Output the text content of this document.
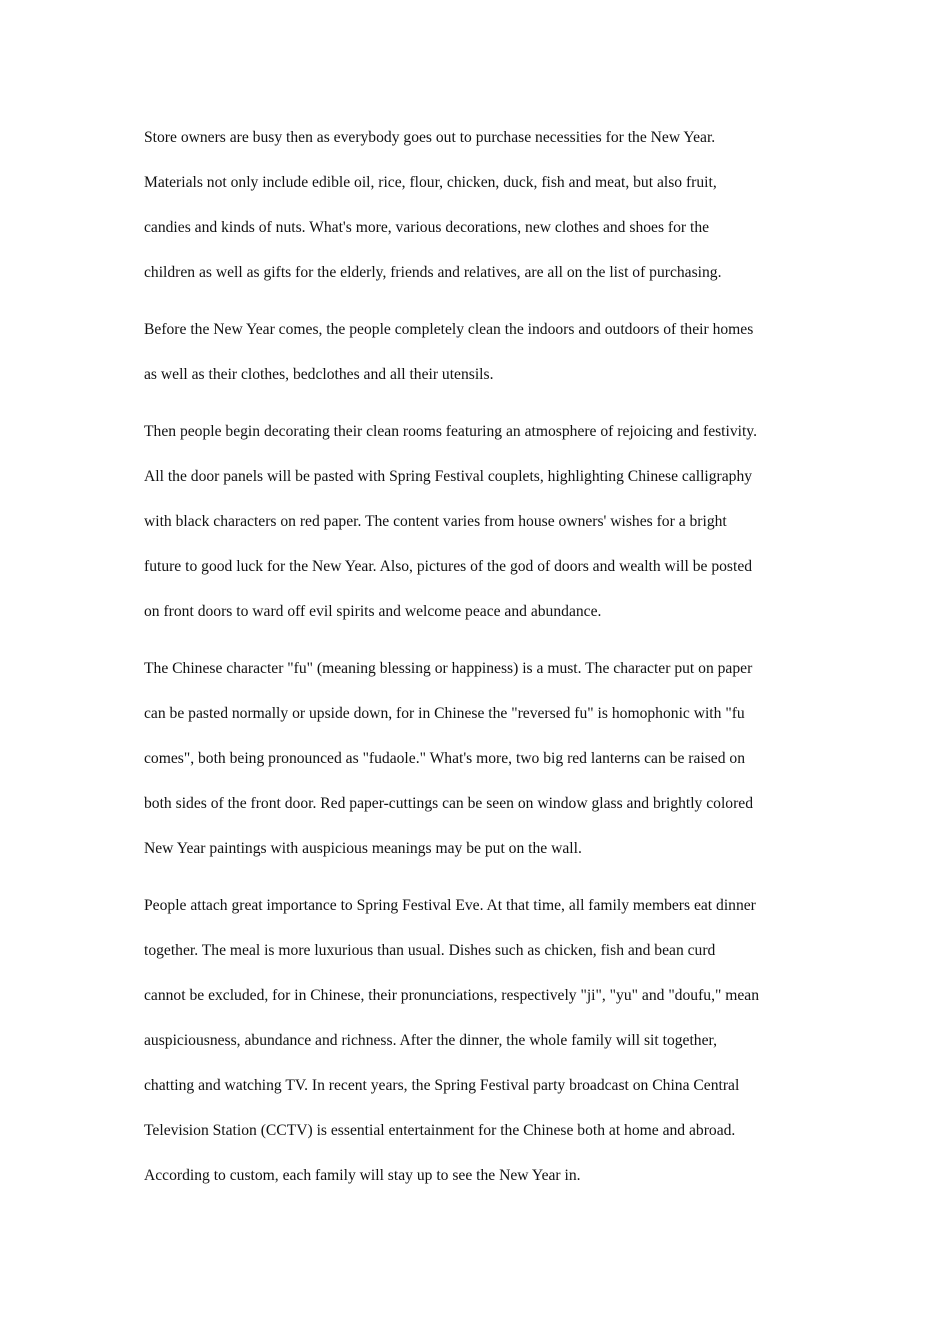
Store owners are busy then as everybody goes out to purchase necessities for the New Year.
Materials not only include edible oil, rice, flour, chicken, duck, fish and meat, but also fruit,
candies and kinds of nuts. What's more, various decorations, new clothes and shoes for the
children as well as gifts for the elderly, friends and relatives, are all on the list of purchasing.

Before the New Year comes, the people completely clean the indoors and outdoors of their homes
as well as their clothes, bedclothes and all their utensils.

Then people begin decorating their clean rooms featuring an atmosphere of rejoicing and festivity.
All the door panels will be pasted with Spring Festival couplets, highlighting Chinese calligraphy
with black characters on red paper. The content varies from house owners' wishes for a bright
future to good luck for the New Year. Also, pictures of the god of doors and wealth will be posted
on front doors to ward off evil spirits and welcome peace and abundance.

The Chinese character "fu" (meaning blessing or happiness) is a must. The character put on paper
can be pasted normally or upside down, for in Chinese the "reversed fu" is homophonic with "fu
comes", both being pronounced as "fudaole." What's more, two big red lanterns can be raised on
both sides of the front door. Red paper-cuttings can be seen on window glass and brightly colored
New Year paintings with auspicious meanings may be put on the wall.

People attach great importance to Spring Festival Eve. At that time, all family members eat dinner
together. The meal is more luxurious than usual. Dishes such as chicken, fish and bean curd
cannot be excluded, for in Chinese, their pronunciations, respectively "ji", "yu" and "doufu," mean
auspiciousness, abundance and richness. After the dinner, the whole family will sit together,
chatting and watching TV. In recent years, the Spring Festival party broadcast on China Central
Television Station (CCTV) is essential entertainment for the Chinese both at home and abroad.
According to custom, each family will stay up to see the New Year in.
